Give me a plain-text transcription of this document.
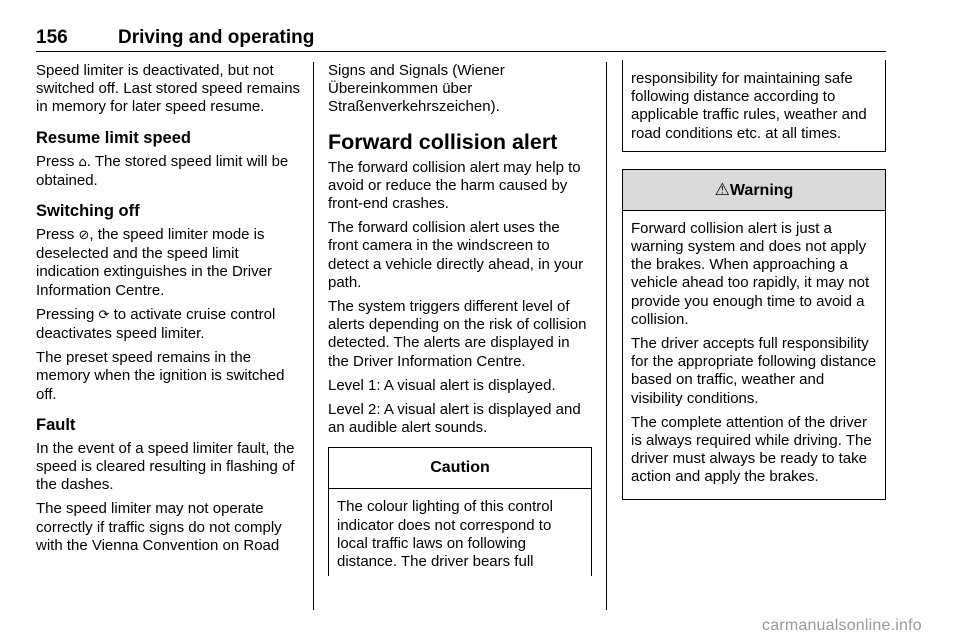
156	Driving and operating

Speed limiter is deactivated, but not switched off. Last stored speed remains in memory for later speed resume.

Resume limit speed

Press ⌂. The stored speed limit will be obtained.

Switching off

Press ⊘, the speed limiter mode is deselected and the speed limit indication extinguishes in the Driver Information Centre.

Pressing ⟳ to activate cruise control deactivates speed limiter.

The preset speed remains in the memory when the ignition is switched off.

Fault

In the event of a speed limiter fault, the speed is cleared resulting in flashing of the dashes.

The speed limiter may not operate correctly if traffic signs do not comply with the Vienna Convention on Road

Signs and Signals (Wiener Übereinkommen über Straßenverkehrszeichen).

Forward collision alert

The forward collision alert may help to avoid or reduce the harm caused by front-end crashes.

The forward collision alert uses the front camera in the windscreen to detect a vehicle directly ahead, in your path.

The system triggers different level of alerts depending on the risk of collision detected. The alerts are displayed in the Driver Information Centre.

Level 1: A visual alert is displayed.

Level 2: A visual alert is displayed and an audible alert sounds.

Caution

The colour lighting of this control indicator does not correspond to local traffic laws on following distance. The driver bears full

responsibility for maintaining safe following distance according to applicable traffic rules, weather and road conditions etc. at all times.

⚠Warning

Forward collision alert is just a warning system and does not apply the brakes. When approaching a vehicle ahead too rapidly, it may not provide you enough time to avoid a collision.

The driver accepts full responsibility for the appropriate following distance based on traffic, weather and visibility conditions.

The complete attention of the driver is always required while driving. The driver must always be ready to take action and apply the brakes.

carmanualsonline.info
